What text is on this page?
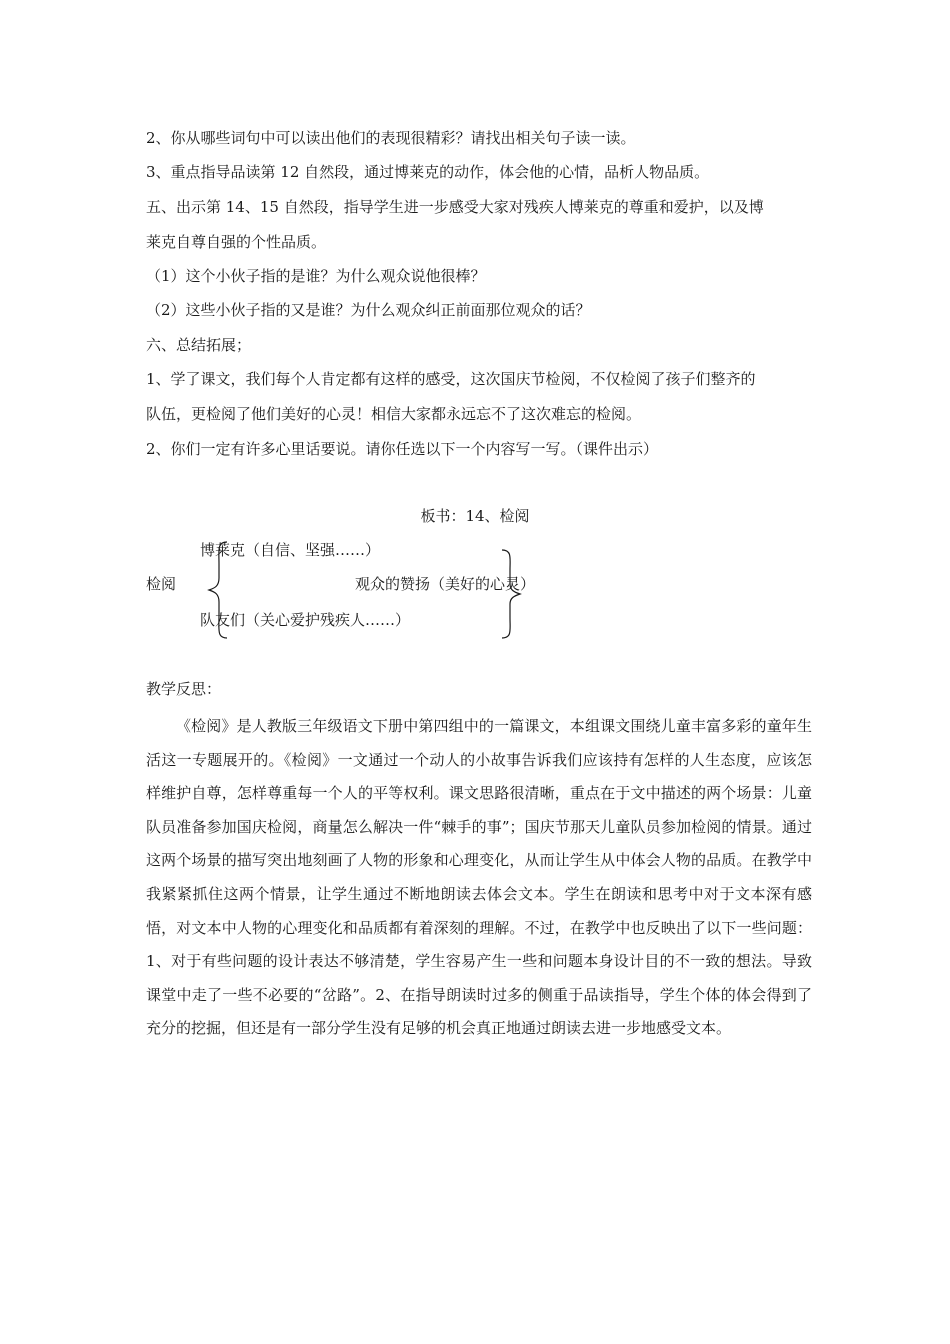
2、你从哪些词句中可以读出他们的表现很精彩？请找出相关句子读一读。
3、重点指导品读第 12 自然段，通过博莱克的动作，体会他的心情，品析人物品质。
五、出示第 14、15 自然段，指导学生进一步感受大家对残疾人博莱克的尊重和爱护，以及博
莱克自尊自强的个性品质。
（1）这个小伙子指的是谁？为什么观众说他很棒？
（2）这些小伙子指的又是谁？为什么观众纠正前面那位观众的话？
六、总结拓展；
1、学了课文，我们每个人肯定都有这样的感受，这次国庆节检阅，不仅检阅了孩子们整齐的
队伍，更检阅了他们美好的心灵！相信大家都永远忘不了这次难忘的检阅。
2、你们一定有许多心里话要说。请你任选以下一个内容写一写。（课件出示）
板书：14、检阅
检阅
博莱克（自信、坚强……）
队友们（关心爱护残疾人……）
观众的赞扬（美好的心灵）
教学反思：
《检阅》是人教版三年级语文下册中第四组中的一篇课文，本组课文围绕儿童丰富多彩的童年生活这一专题展开的。《检阅》一文通过一个动人的小故事告诉我们应该持有怎样的人生态度，应该怎样维护自尊，怎样尊重每一个人的平等权利。课文思路很清晰，重点在于文中描述的两个场景：儿童队员准备参加国庆检阅，商量怎么解决一件“棘手的事”；国庆节那天儿童队员参加检阅的情景。通过这两个场景的描写突出地刻画了人物的形象和心理变化，从而让学生从中体会人物的品质。在教学中我紧紧抓住这两个情景，让学生通过不断地朗读去体会文本。学生在朗读和思考中对于文本深有感悟，对文本中人物的心理变化和品质都有着深刻的理解。不过，在教学中也反映出了以下一些问题：1、对于有些问题的设计表达不够清楚，学生容易产生一些和问题本身设计目的不一致的想法。导致课堂中走了一些不必要的“岔路”。2、在指导朗读时过多的侧重于品读指导，学生个体的体会得到了充分的挖掘，但还是有一部分学生没有足够的机会真正地通过朗读去进一步地感受文本。
